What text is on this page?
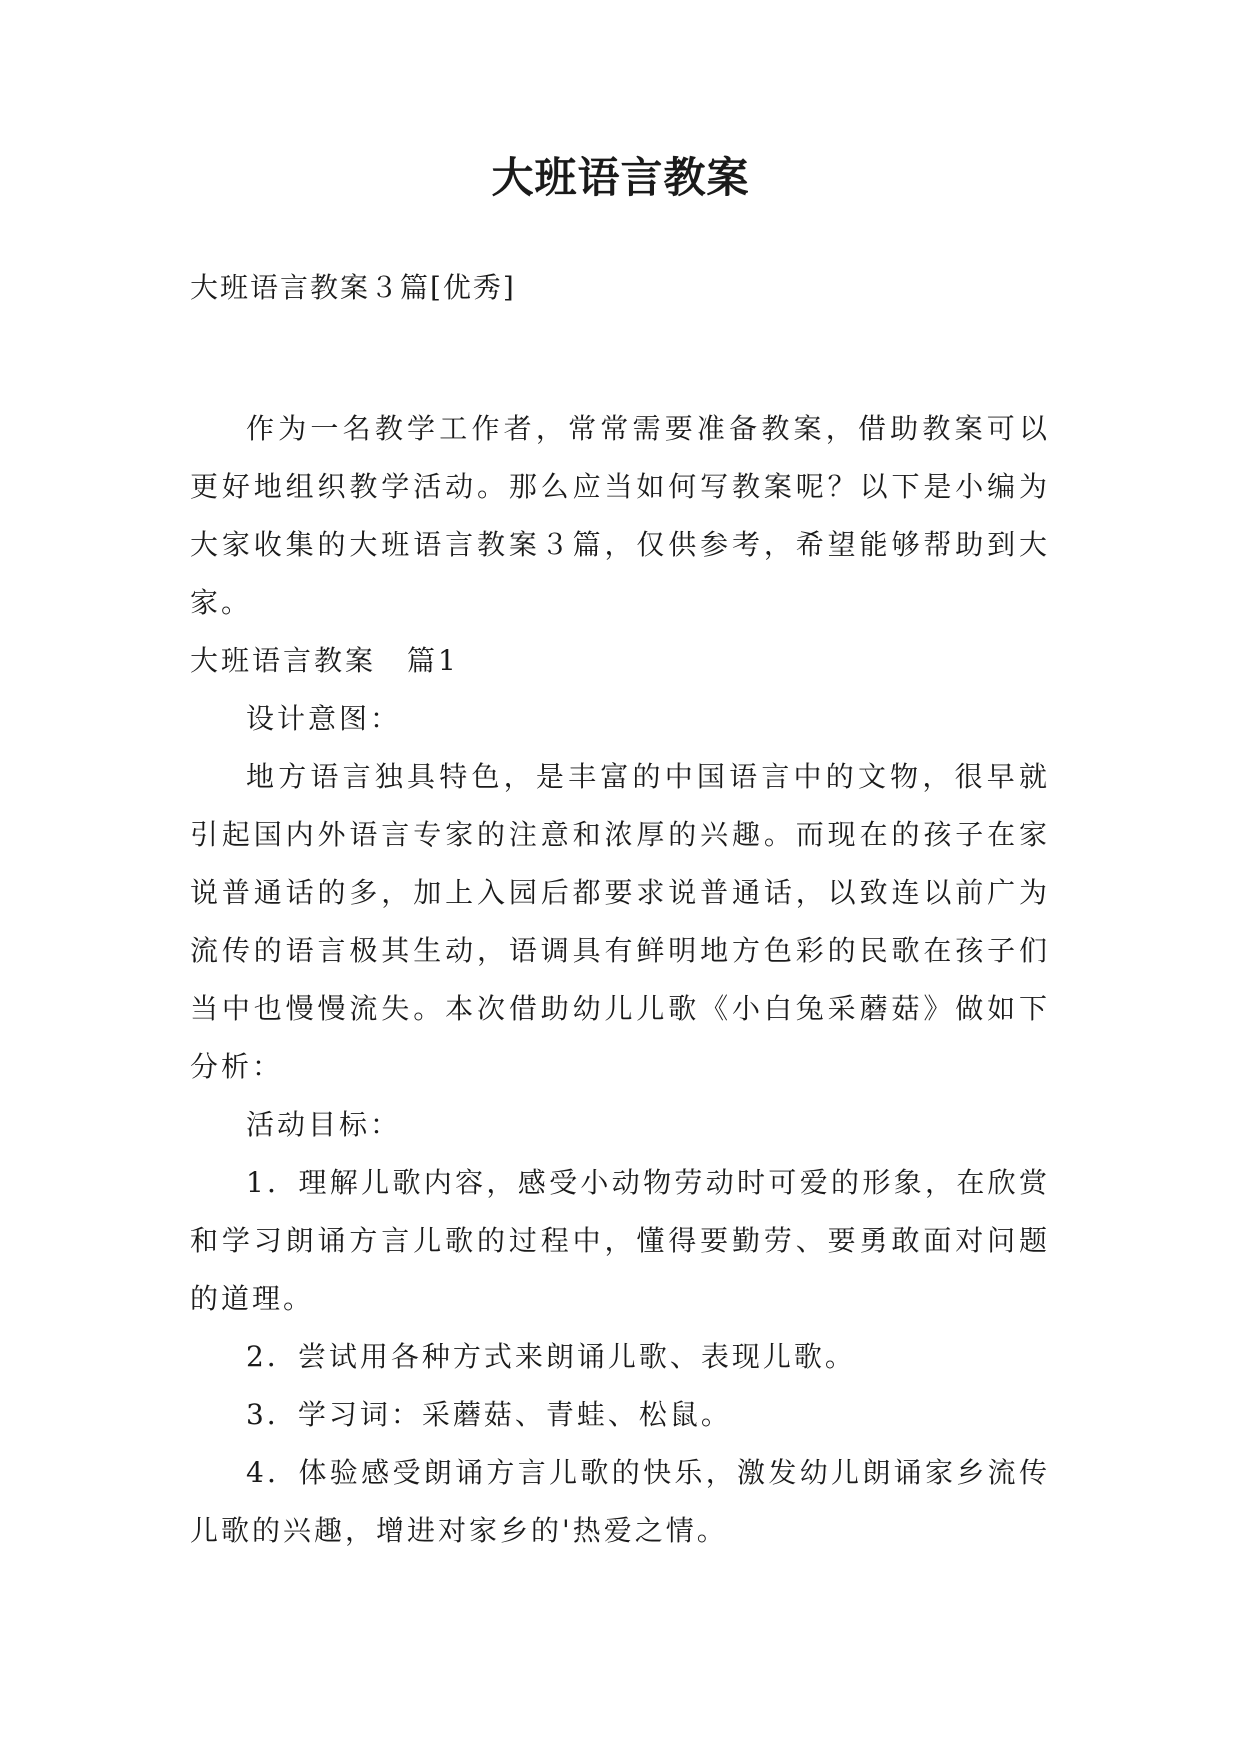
大班语言教案

大班语言教案３篇[优秀]

作为一名教学工作者，常常需要准备教案，借助教案可以更好地组织教学活动。那么应当如何写教案呢？以下是小编为大家收集的大班语言教案３篇，仅供参考，希望能够帮助到大家。

大班语言教案　篇1

设计意图：

地方语言独具特色，是丰富的中国语言中的文物，很早就引起国内外语言专家的注意和浓厚的兴趣。而现在的孩子在家说普通话的多，加上入园后都要求说普通话，以致连以前广为流传的语言极其生动，语调具有鲜明地方色彩的民歌在孩子们当中也慢慢流失。本次借助幼儿儿歌《小白兔采蘑菇》做如下分析：

活动目标：

1．理解儿歌内容，感受小动物劳动时可爱的形象，在欣赏和学习朗诵方言儿歌的过程中，懂得要勤劳、要勇敢面对问题的道理。

2．尝试用各种方式来朗诵儿歌、表现儿歌。

3．学习词：采蘑菇、青蛙、松鼠。

4．体验感受朗诵方言儿歌的快乐，激发幼儿朗诵家乡流传儿歌的兴趣，增进对家乡的'热爱之情。
